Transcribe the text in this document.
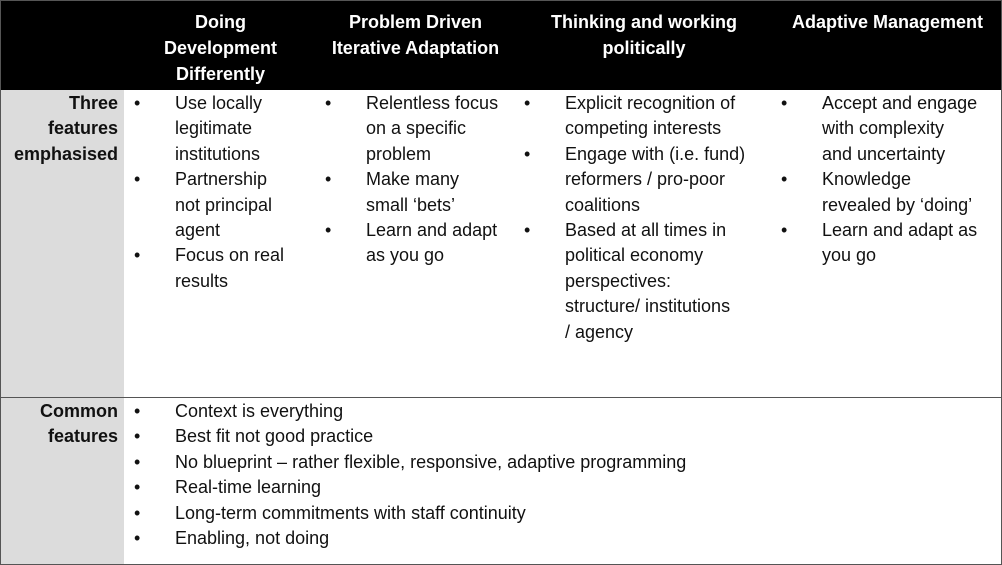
Doing
Development
Differently
Problem Driven
Iterative Adaptation
Thinking and working
politically
Adaptive Management
Three
features
emphasised
• Use locally
legitimate
institutions
• Partnership
not principal
agent
• Focus on real
results
• Relentless focus
on a specific
problem
• Make many
small ‘bets’
• Learn and adapt
as you go
• Explicit recognition of
competing interests
• Engage with (i.e. fund)
reformers / pro-poor
coalitions
• Based at all times in
political economy
perspectives:
structure/ institutions
/ agency
• Accept and engage
with complexity
and uncertainty
• Knowledge
revealed by ‘doing’
• Learn and adapt as
you go
Common
features
• Context is everything
• Best fit not good practice
• No blueprint – rather flexible, responsive, adaptive programming
• Real-time learning
• Long-term commitments with staff continuity
• Enabling, not doing
